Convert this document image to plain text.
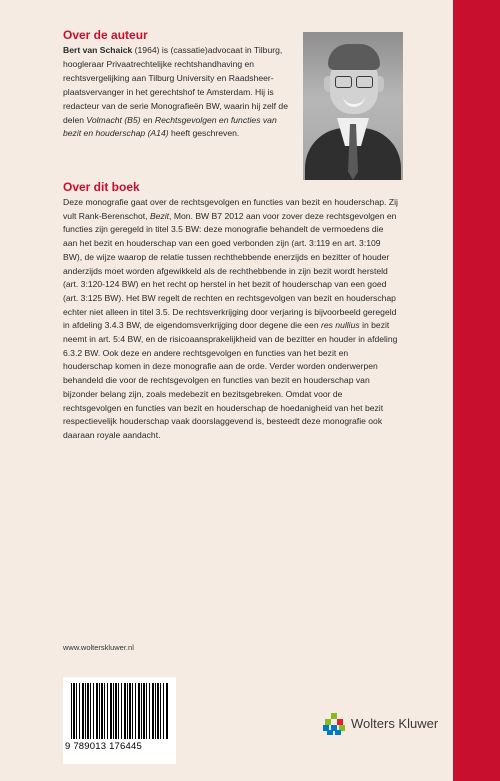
Over de auteur

Bert van Schaick (1964) is (cassatie)advocaat in Tilburg, hoogleraar Privaatrechtelijke rechtshandhaving en rechtsvergelijking aan Tilburg University en Raadsheer-plaatsvervanger in het gerechtshof te Amsterdam. Hij is redacteur van de serie Monografieën BW, waarin hij zelf de delen Volmacht (B5) en Rechtsgevolgen en functies van bezit en houderschap (A14) heeft geschreven.

Over dit boek

Deze monografie gaat over de rechtsgevolgen en functies van bezit en houderschap. Zij vult Rank-Berenschot, Bezit, Mon. BW B7 2012 aan voor zover deze rechtsgevolgen en functies zijn geregeld in titel 3.5 BW: deze monografie behandelt de vermoedens die aan het bezit en houderschap van een goed verbonden zijn (art. 3:119 en art. 3:109 BW), de wijze waarop de relatie tussen rechthebbende enerzijds en bezitter of houder anderzijds moet worden afgewikkeld als de rechthebbende in zijn bezit wordt hersteld (art. 3:120-124 BW) en het recht op herstel in het bezit of houderschap van een goed (art. 3:125 BW). Het BW regelt de rechten en rechtsgevolgen van bezit en houderschap echter niet alleen in titel 3.5. De rechtsverkrijging door verjaring is bijvoorbeeld geregeld in afdeling 3.4.3 BW, de eigendomsverkrijging door degene die een res nullius in bezit neemt in art. 5:4 BW, en de risicoaansprakelijkheid van de bezitter en houder in afdeling 6.3.2 BW. Ook deze en andere rechtsgevolgen en functies van het bezit en houderschap komen in deze monografie aan de orde. Verder worden onderwerpen behandeld die voor de rechtsgevolgen en functies van bezit en houderschap van bijzonder belang zijn, zoals medebezit en bezitsgebreken. Omdat voor de rechtsgevolgen en functies van bezit en houderschap de hoedanigheid van het bezit respectievelijk houderschap vaak doorslaggevend is, besteedt deze monografie ook daaraan royale aandacht.

www.wolterskluwer.nl
9 789013 176445
Wolters Kluwer
